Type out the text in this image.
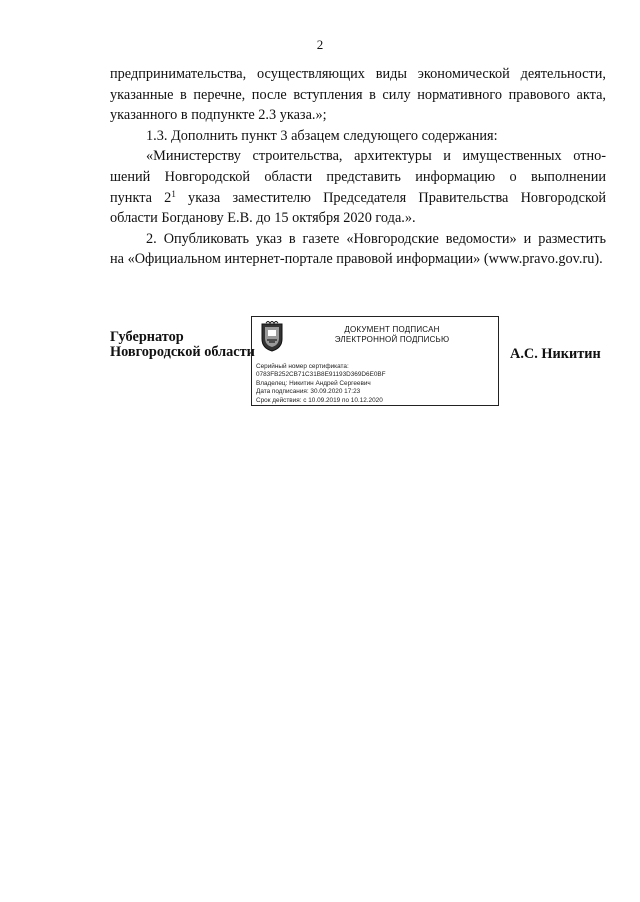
2

предпринимательства, осуществляющих виды экономической деятельности,

указанные в перечне, после вступления в силу нормативного правового акта,

указанного в подпункте 2.3 указа.»;

1.3. Дополнить пункт 3 абзацем следующего содержания:

«Министерству строительства, архитектуры и имущественных отно-

шений Новгородской области представить информацию о выполнении

пункта $2^1$ указа заместителю Председателя Правительства Новгородской

области Богданову Е.В. до 15 октября 2020 года.».

2. Опубликовать указ в газете «Новгородские ведомости» и разместить

на «Официальном интернет-портале правовой информации» (www.pravo.gov.ru).

Губернатор
Новгородской области
ДОКУМЕНТ ПОДПИСАН
ЭЛЕКТРОННОЙ ПОДПИСЬЮ
Серийный номер сертификата:
0783FB252CB71C31B8E91193D369D6E0BF
Владелец: Никитин Андрей Сергеевич
Дата подписания: 30.09.2020 17:23
Срок действия: с 10.09.2019 по 10.12.2020
А.С. Никитин
